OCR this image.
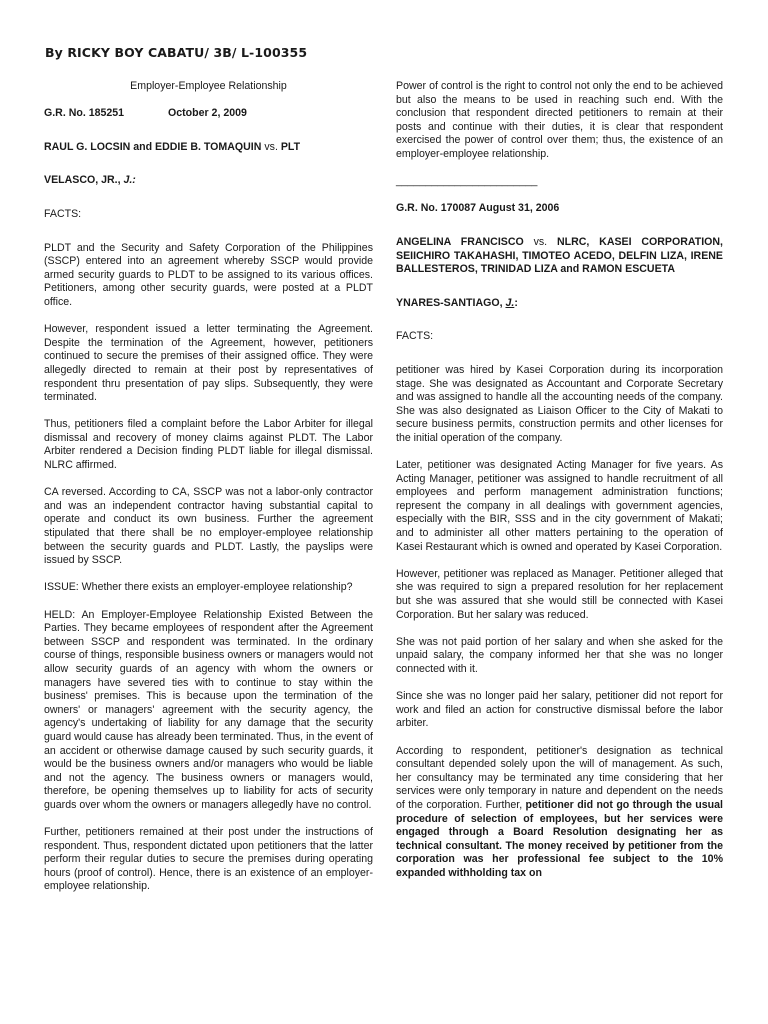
By RICKY BOY CABATU/ 3B/ L-100355

Employer-Employee Relationship

G.R. No. 185251	October 2, 2009

RAUL G. LOCSIN and EDDIE B. TOMAQUIN vs. PLT

VELASCO, JR., J.:

FACTS:

PLDT and the Security and Safety Corporation of the Philippines (SSCP) entered into an agreement whereby SSCP would provide armed security guards to PLDT to be assigned to its various offices. Petitioners, among other security guards, were posted at a PLDT office.

However, respondent issued a letter terminating the Agreement. Despite the termination of the Agreement, however, petitioners continued to secure the premises of their assigned office. They were allegedly directed to remain at their post by representatives of respondent thru presentation of pay slips. Subsequently, they were terminated.

Thus, petitioners filed a complaint before the Labor Arbiter for illegal dismissal and recovery of money claims against PLDT. The Labor Arbiter rendered a Decision finding PLDT liable for illegal dismissal. NLRC affirmed.

CA reversed. According to CA, SSCP was not a labor-only contractor and was an independent contractor having substantial capital to operate and conduct its own business. Further the agreement stipulated that there shall be no employer-employee relationship between the security guards and PLDT. Lastly, the payslips were issued by SSCP.

ISSUE: Whether there exists an employer-employee relationship?

HELD: An Employer-Employee Relationship Existed Between the Parties. They became employees of respondent after the Agreement between SSCP and respondent was terminated. In the ordinary course of things, responsible business owners or managers would not allow security guards of an agency with whom the owners or managers have severed ties with to continue to stay within the business' premises. This is because upon the termination of the owners' or managers' agreement with the security agency, the agency's undertaking of liability for any damage that the security guard would cause has already been terminated. Thus, in the event of an accident or otherwise damage caused by such security guards, it would be the business owners and/or managers who would be liable and not the agency. The business owners or managers would, therefore, be opening themselves up to liability for acts of security guards over whom the owners or managers allegedly have no control.

Further, petitioners remained at their post under the instructions of respondent. Thus, respondent dictated upon petitioners that the latter perform their regular duties to secure the premises during operating hours (proof of control). Hence, there is an existence of an employer-employee relationship.

Power of control is the right to control not only the end to be achieved but also the means to be used in reaching such end. With the conclusion that respondent directed petitioners to remain at their posts and continue with their duties, it is clear that respondent exercised the power of control over them; thus, the existence of an employer-employee relationship.

________________________

G.R. No. 170087 August 31, 2006

ANGELINA FRANCISCO vs. NLRC, KASEI CORPORATION, SEIICHIRO TAKAHASHI, TIMOTEO ACEDO, DELFIN LIZA, IRENE BALLESTEROS, TRINIDAD LIZA and RAMON ESCUETA

YNARES-SANTIAGO, J.:

FACTS:

petitioner was hired by Kasei Corporation during its incorporation stage. She was designated as Accountant and Corporate Secretary and was assigned to handle all the accounting needs of the company. She was also designated as Liaison Officer to the City of Makati to secure business permits, construction permits and other licenses for the initial operation of the company.

Later, petitioner was designated Acting Manager for five years. As Acting Manager, petitioner was assigned to handle recruitment of all employees and perform management administration functions; represent the company in all dealings with government agencies, especially with the BIR, SSS and in the city government of Makati; and to administer all other matters pertaining to the operation of Kasei Restaurant which is owned and operated by Kasei Corporation.

However, petitioner was replaced as Manager. Petitioner alleged that she was required to sign a prepared resolution for her replacement but she was assured that she would still be connected with Kasei Corporation. But her salary was reduced.

She was not paid portion of her salary and when she asked for the unpaid salary, the company informed her that she was no longer connected with it.

Since she was no longer paid her salary, petitioner did not report for work and filed an action for constructive dismissal before the labor arbiter.

According to respondent, petitioner's designation as technical consultant depended solely upon the will of management. As such, her consultancy may be terminated any time considering that her services were only temporary in nature and dependent on the needs of the corporation. Further, petitioner did not go through the usual procedure of selection of employees, but her services were engaged through a Board Resolution designating her as technical consultant. The money received by petitioner from the corporation was her professional fee subject to the 10% expanded withholding tax on
